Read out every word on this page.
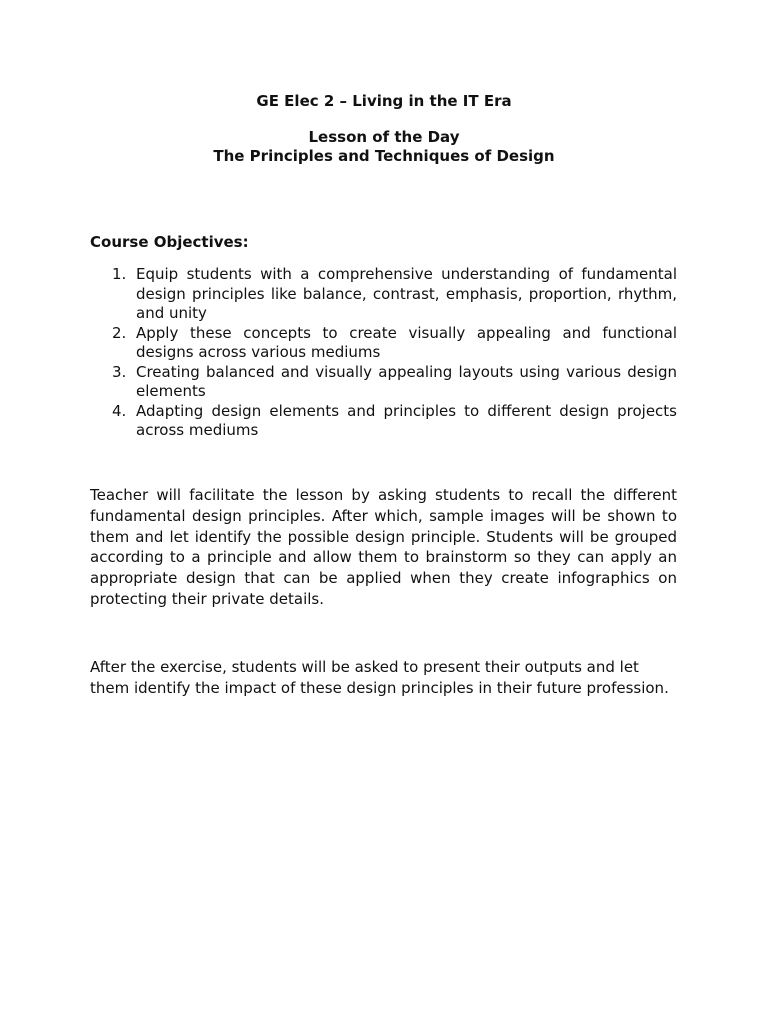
GE Elec 2 – Living in the IT Era
Lesson of the Day
The Principles and Techniques of Design
Course Objectives:
1. Equip students with a comprehensive understanding of fundamental design principles like balance, contrast, emphasis, proportion, rhythm, and unity
2. Apply these concepts to create visually appealing and functional designs across various mediums
3. Creating balanced and visually appealing layouts using various design elements
4. Adapting design elements and principles to different design projects across mediums

Teacher will facilitate the lesson by asking students to recall the different fundamental design principles. After which, sample images will be shown to them and let identify the possible design principle. Students will be grouped according to a principle and allow them to brainstorm so they can apply an appropriate design that can be applied when they create infographics on protecting their private details.

After the exercise, students will be asked to present their outputs and let them identify the impact of these design principles in their future profession.
